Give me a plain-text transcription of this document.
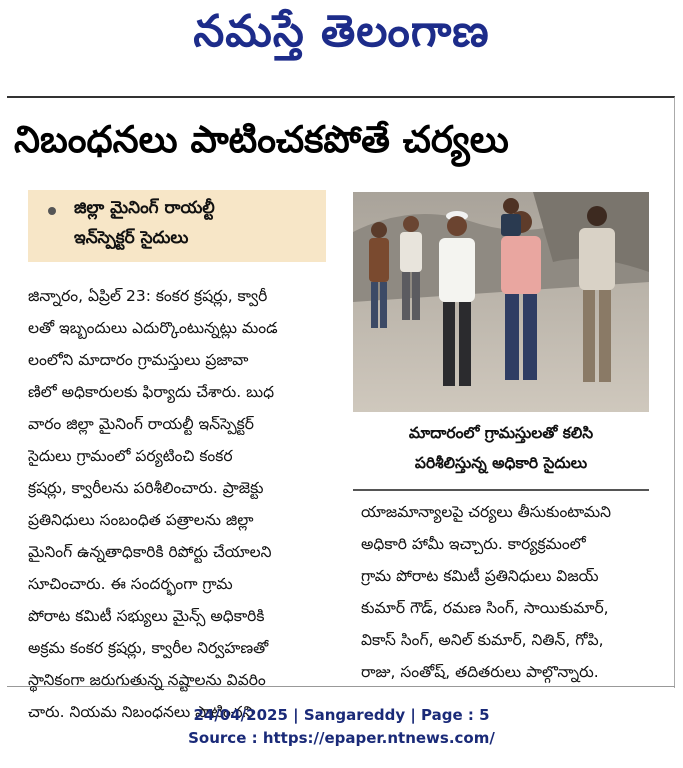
నమస్తే తెలంగాణ
నిబంధనలు పాటించకపోతే చర్యలు
జిల్లా మైనింగ్ రాయల్టీ
ఇన్‌స్పెక్టర్ సైదులు
జిన్నారం, ఏప్రిల్ 23: కంకర క్రషర్లు, క్వారీ
లతో ఇబ్బందులు ఎదుర్కొంటున్నట్లు మండ
లంలోని మాదారం గ్రామస్తులు ప్రజావా
ణిలో అధికారులకు ఫిర్యాదు చేశారు. బుధ
వారం జిల్లా మైనింగ్ రాయల్టీ ఇన్‌స్పెక్టర్
సైదులు గ్రామంలో పర్యటించి కంకర
క్రషర్లు, క్వారీలను పరిశీలించారు. ప్రాజెక్టు
ప్రతినిధులు సంబంధిత పత్రాలను జిల్లా
మైనింగ్ ఉన్నతాధికారికి రిపోర్టు చేయాలని
సూచించారు. ఈ సందర్భంగా గ్రామ
పోరాట కమిటీ సభ్యులు మైన్స్ అధికారికి
అక్రమ కంకర క్రషర్లు, క్వారీల నిర్వహణతో
స్థానికంగా జరుగుతున్న నష్టాలను వివరిం
చారు. నియమ నిబంధనలు పాటించని
మాదారంలో గ్రామస్తులతో కలిసి
పరిశీలిస్తున్న అధికారి సైదులు
యాజమాన్యాలపై చర్యలు తీసుకుంటామని
అధికారి హామీ ఇచ్చారు. కార్యక్రమంలో
గ్రామ పోరాట కమిటీ ప్రతినిధులు విజయ్
కుమార్ గౌడ్, రమణ సింగ్, సాయికుమార్,
వికాస్ సింగ్, అనిల్ కుమార్, నితిన్, గోపి,
రాజు, సంతోష్, తదితరులు పాల్గొన్నారు.
24/04/2025 | Sangareddy | Page : 5
Source : https://epaper.ntnews.com/
